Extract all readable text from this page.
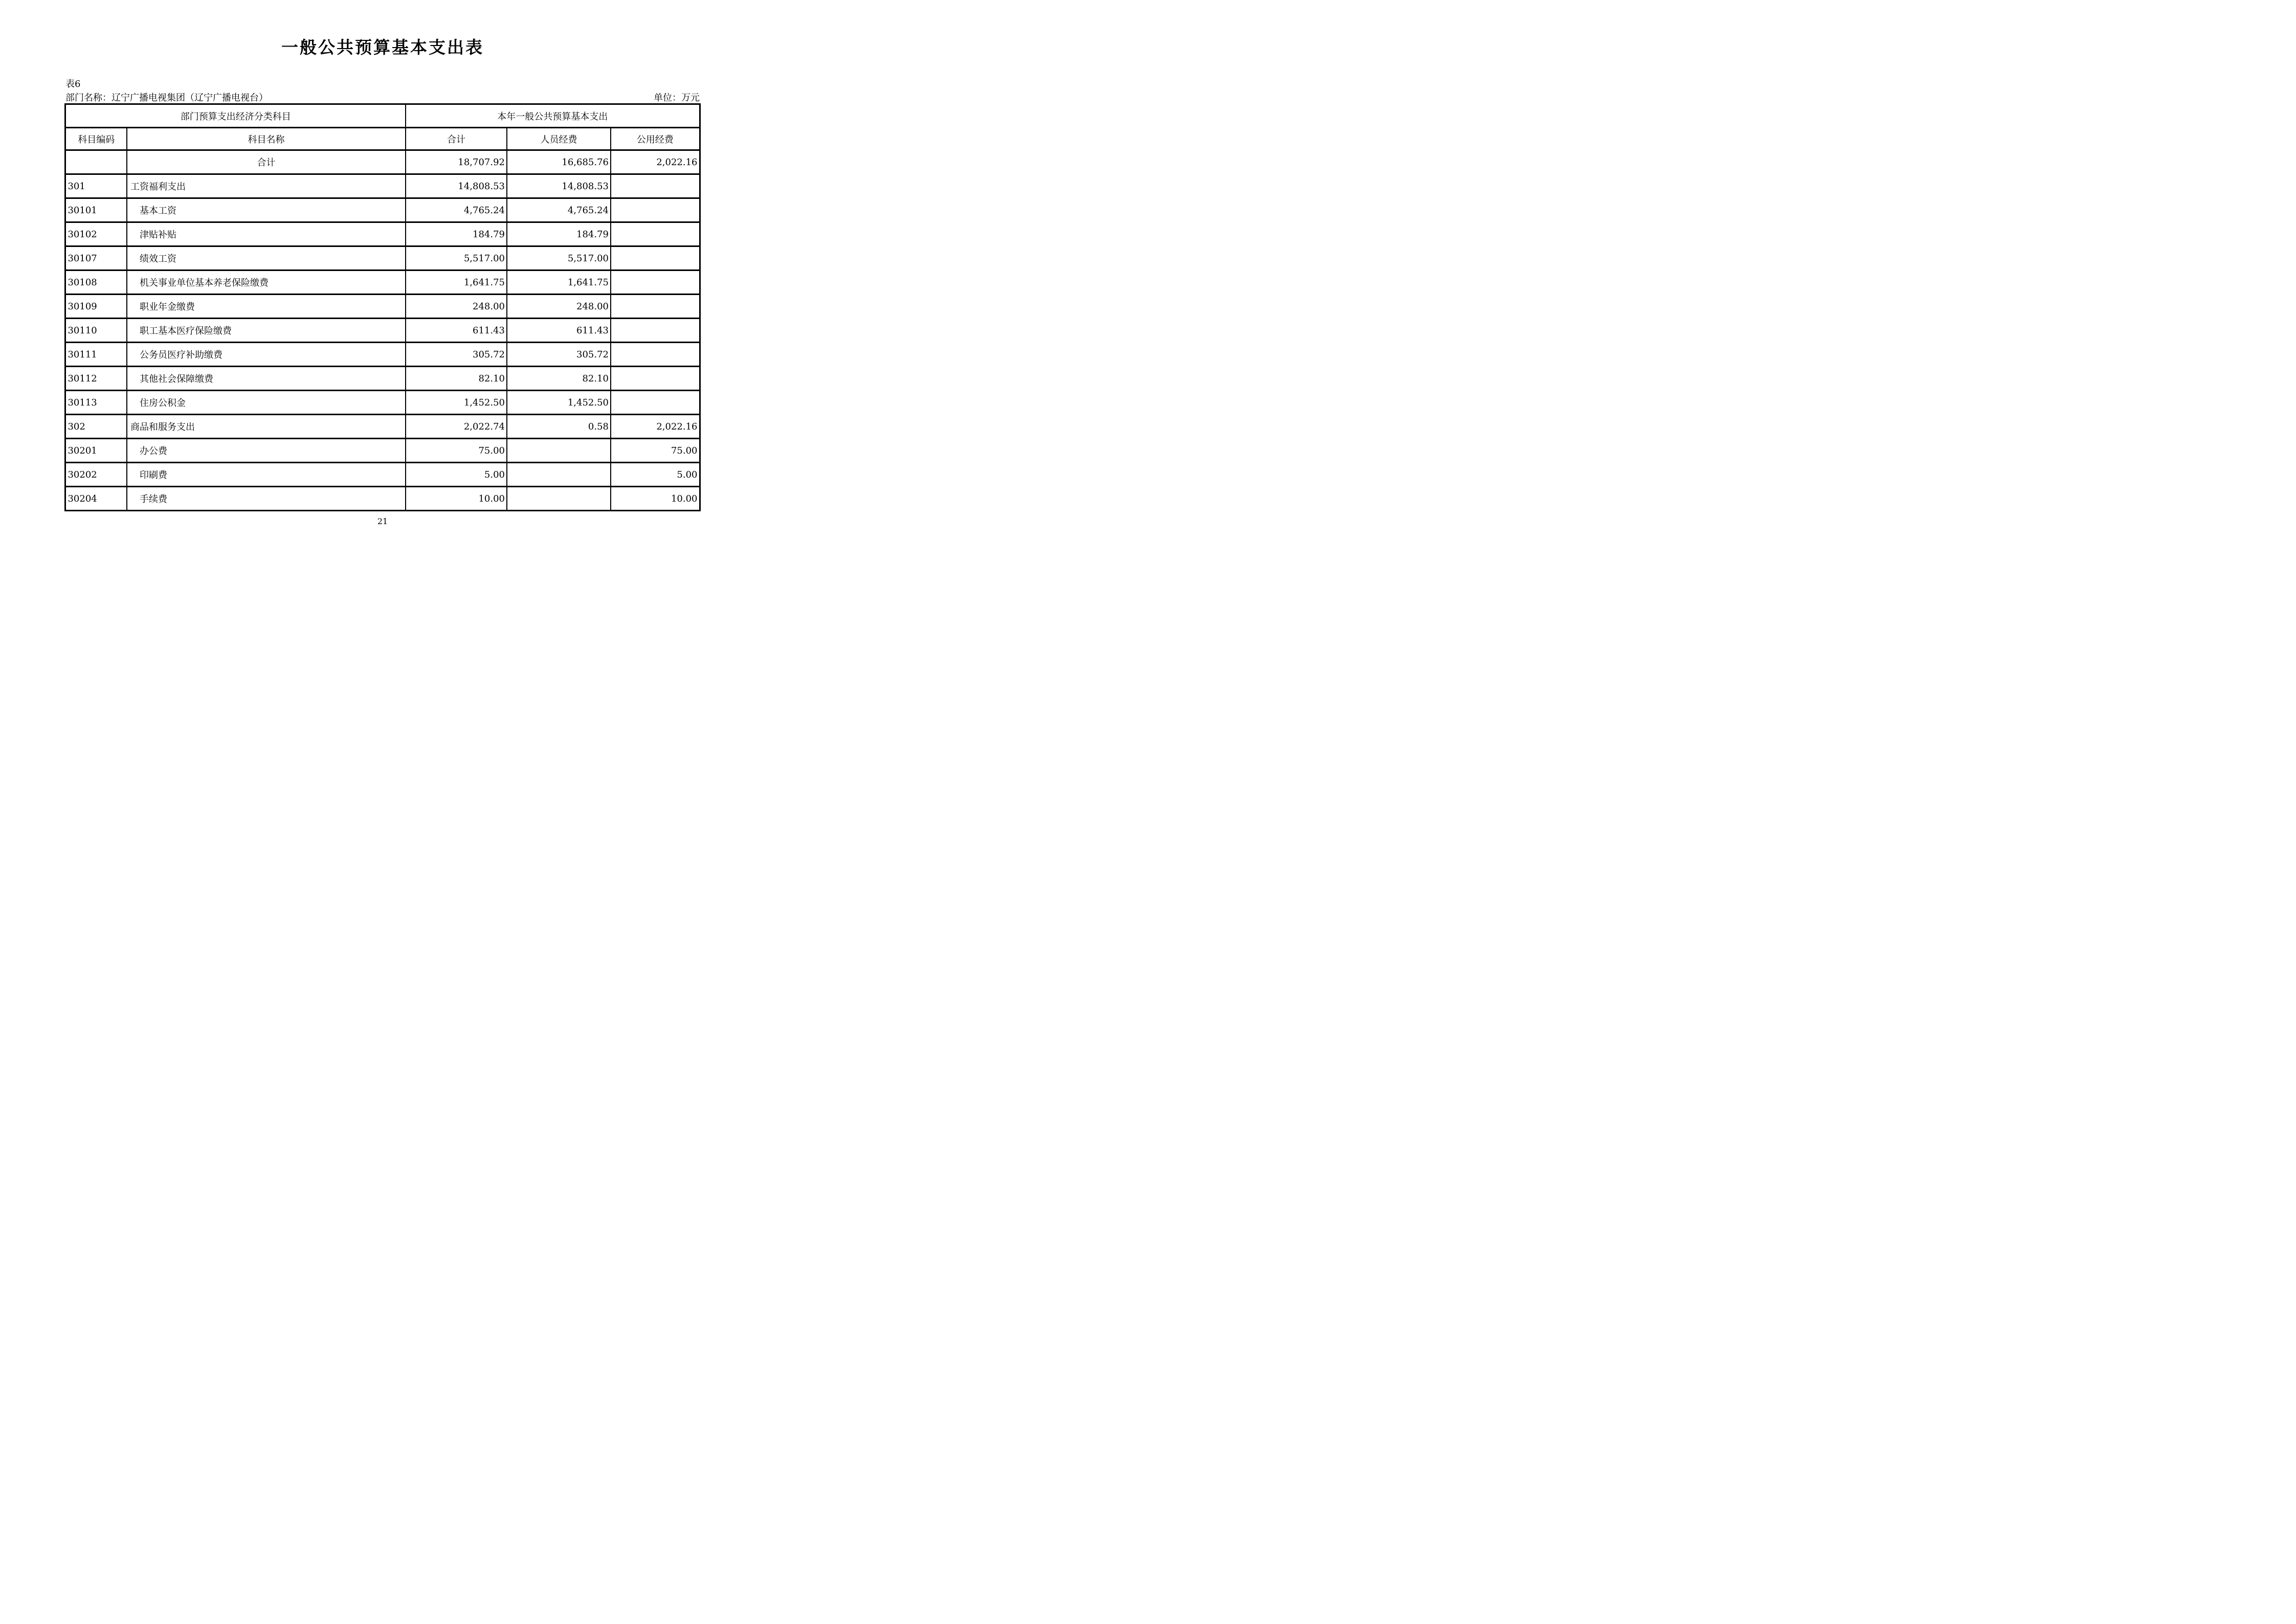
一般公共预算基本支出表
表6
部门名称：辽宁广播电视集团（辽宁广播电视台）	单位：万元
部门预算支出经济分类科目		本年一般公共预算基本支出		
科目编码	科目名称	合计	人员经费	公用经费
	合计	18,707.92	16,685.76	2,022.16
301	工资福利支出	14,808.53	14,808.53	
30101	基本工资	4,765.24	4,765.24	
30102	津贴补贴	184.79	184.79	
30107	绩效工资	5,517.00	5,517.00	
30108	机关事业单位基本养老保险缴费	1,641.75	1,641.75	
30109	职业年金缴费	248.00	248.00	
30110	职工基本医疗保险缴费	611.43	611.43	
30111	公务员医疗补助缴费	305.72	305.72	
30112	其他社会保障缴费	82.10	82.10	
30113	住房公积金	1,452.50	1,452.50	
302	商品和服务支出	2,022.74	0.58	2,022.16
30201	办公费	75.00		75.00
30202	印刷费	5.00		5.00
30204	手续费	10.00		10.00
21
